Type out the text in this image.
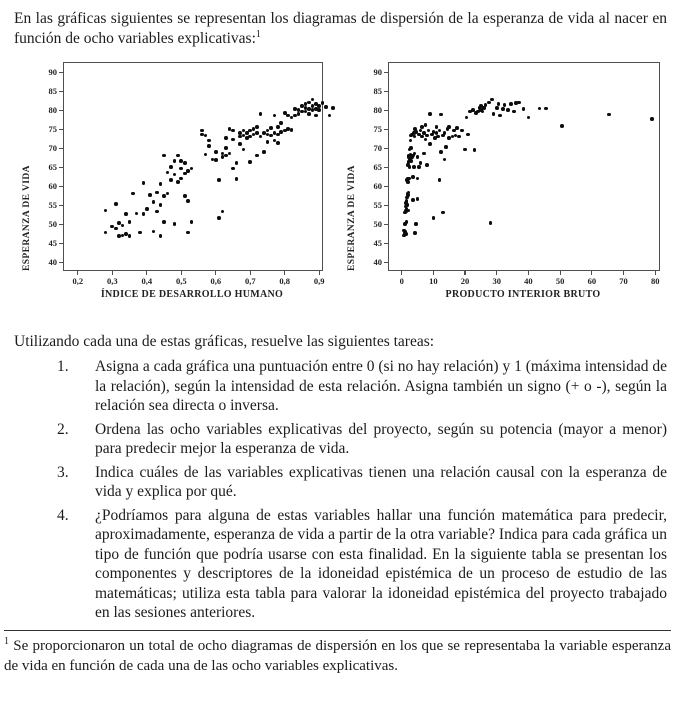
En las gráficas siguientes se representan los diagramas de dispersión de la esperanza de vida al nacer en función de ocho variables explicativas:$^1$

ESPERANZA DE VIDA	40
45
50
55
60
65
70
75
80
85
90
0,2	0,3	0,4	0,5	0,6	0,7	0,8	0,9
ÍNDICE DE DESARROLLO HUMANO
ESPERANZA DE VIDA	40
45
50
55
60
65
70
75
80
85
90
0	10	20	30	40	50	60	70	80
PRODUCTO INTERIOR BRUTO

Utilizando cada una de estas gráficas, resuelve las siguientes tareas:

1.	Asigna a cada gráfica una puntuación entre 0 (si no hay relación) y 1 (máxima intensidad de la relación), según la intensidad de esta relación. Asigna también un signo (+ o -), según la relación sea directa o inversa.

2.	Ordena las ocho variables explicativas del proyecto, según su potencia (mayor a menor) para predecir mejor la esperanza de vida.

3.	Indica cuáles de las variables explicativas tienen una relación causal con la esperanza de vida y explica por qué.

4.	¿Podríamos para alguna de estas variables hallar una función matemática para predecir, aproximadamente, esperanza de vida a partir de la otra variable? Indica para cada gráfica un tipo de función que podría usarse con esta finalidad. En la siguiente tabla se presentan los componentes y descriptores de la idoneidad epistémica de un proceso de estudio de las matemáticas; utiliza esta tabla para valorar la idoneidad epistémica del proyecto trabajado en las sesiones anteriores.

$^1$ Se proporcionaron un total de ocho diagramas de dispersión en los que se representaba la variable esperanza de vida en función de cada una de las ocho variables explicativas.
